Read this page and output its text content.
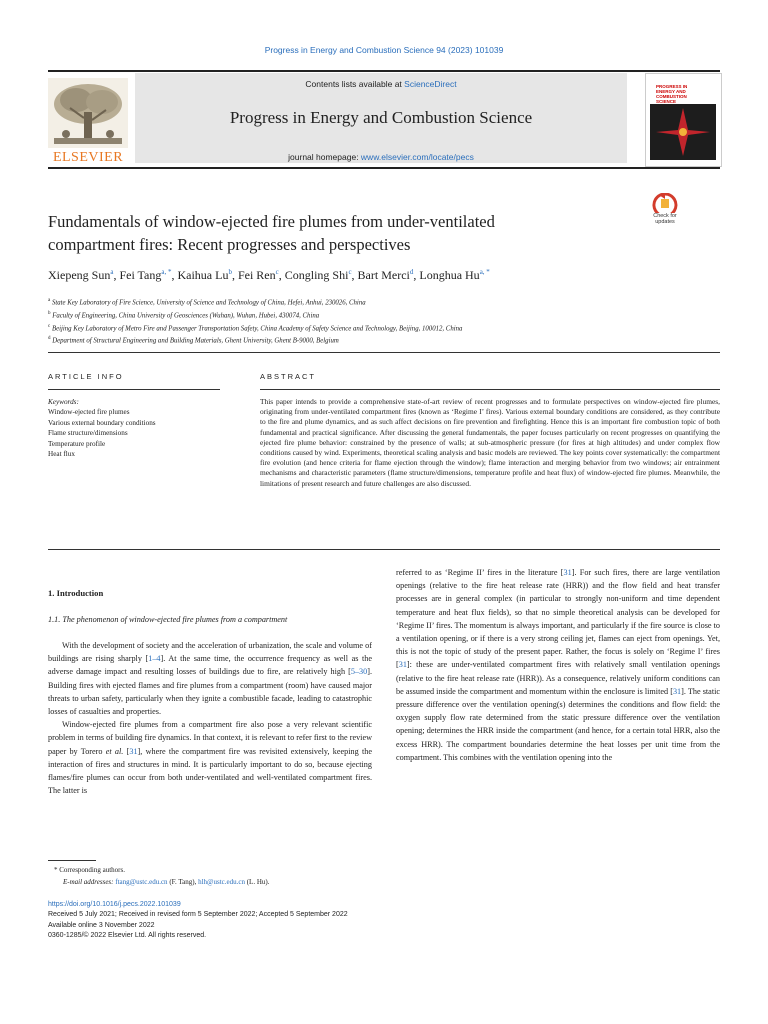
Progress in Energy and Combustion Science 94 (2023) 101039
Contents lists available at ScienceDirect
Progress in Energy and Combustion Science
journal homepage: www.elsevier.com/locate/pecs
ELSEVIER
PROGRESS IN ENERGY AND COMBUSTION SCIENCE
Fundamentals of window-ejected fire plumes from under-ventilated
compartment fires: Recent progresses and perspectives
Check for updates
Xiepeng Sun$^a$, Fei Tang$^{a, *}$, Kaihua Lu$^b$, Fei Ren$^c$, Congling Shi$^c$, Bart Merci$^d$, Longhua $Hu^{a, *}$
$^a$ State Key Laboratory of Fire Science, University of Science and Technology of China, Hefei, Anhui, 230026, China
$^b$ Faculty of Engineering, China University of Geosciences (Wuhan), Wuhan, Hubei, 430074, China
$^c$ Beijing Key Laboratory of Metro Fire and Passenger Transportation Safety, China Academy of Safety Science and Technology, Beijing, 100012, China
$^d$ Department of Structural Engineering and Building Materials, Ghent University, Ghent B-9000, Belgium
ARTICLE INFO	ABSTRACT
Keywords:
Window-ejected fire plumes
Various external boundary conditions
Flame structure/dimensions
Temperature profile
Heat flux
This paper intends to provide a comprehensive state-of-art review of recent progresses and to formulate perspectives on window-ejected fire plumes, originating from under-ventilated compartment fires (known as ‘Regime I’ fires). Various external boundary conditions are considered, as they contribute to the fire and plume dynamics, and as such affect decisions on fire prevention and firefighting. Hence this is an important fire combustion topic of both fundamental and practical significance. After discussing the general fundamentals, the paper focuses particularly on recent progresses on quantifying the ejected fire plume behavior: constrained by the presence of walls; at sub-atmospheric pressure (for fires at high altitudes) and under complex flow conditions caused by wind. Experiments, theoretical scaling analysis and basic models are reviewed. The key points cover systematically: the compartment fire evolution (and hence criteria for flame ejection through the window); flame interaction and merging behavior from two windows; air entrainment mechanisms and characteristic parameters (flame structure/dimensions, temperature profile and heat flux) of window-ejected fire plumes. Meanwhile, the limitations of present research and future challenges are also discussed.
1. Introduction
1.1. The phenomenon of window-ejected fire plumes from a compartment

With the development of society and the acceleration of urbanization, the scale and volume of buildings are rising sharply [1–4]. At the same time, the occurrence frequency as well as the adverse damage impact and resulting losses of buildings due to fire, are relatively high [5–30]. Building fires with ejected flames and fire plumes from a compartment (room) have caused major threats to urban safety, particularly when they ignite a combustible facade, leading to catastrophic losses of casualties and properties.

Window-ejected fire plumes from a compartment fire also pose a very relevant scientific problem in terms of building fire dynamics. In that context, it is relevant to refer first to the review paper by Torero et al. [31], where the compartment fire was revisited extensively, keeping the interaction of fires and structures in mind. It is particularly important to do so, because ejecting flames/fire plumes can occur from both under-ventilated and well-ventilated compartment fires. The latter is

referred to as ‘Regime II’ fires in the literature [31]. For such fires, there are large ventilation openings (relative to the fire heat release rate (HRR)) and the flow field and heat transfer processes are in general complex (in particular to strongly non-uniform and time dependent temperature and heat flux fields), so that no simple theoretical analysis can be developed for ‘Regime II’ fires. The momentum is always important, and particularly if the fire source is close to a ventilation opening, or if there is a very strong ceiling jet, flames can eject from openings. Yet, this is not the topic of study of the present paper. Rather, the focus is solely on ‘Regime I’ fires [31]: these are under-ventilated compartment fires with relatively small ventilation openings (relative to the fire heat release rate (HRR)). As a consequence, relatively uniform conditions can be assumed inside the compartment and momentum within the enclosure is limited [31]. The static pressure difference over the ventilation opening(s) determines the conditions and flow field: the oxygen supply flow rate determined from the static pressure difference over the ventilation opening; determines the HRR inside the compartment (and hence, for a certain total HRR, also the excess HRR). The compartment boundaries determine the heat losses per unit time from the compartment. This combines with the ventilation opening into the

* Corresponding authors.
E-mail addresses: ftang@ustc.edu.cn (F. Tang), hlh@ustc.edu.cn (L. Hu).
https://doi.org/10.1016/j.pecs.2022.101039
Received 5 July 2021; Received in revised form 5 September 2022; Accepted 5 September 2022
Available online 3 November 2022
0360-1285/© 2022 Elsevier Ltd. All rights reserved.
